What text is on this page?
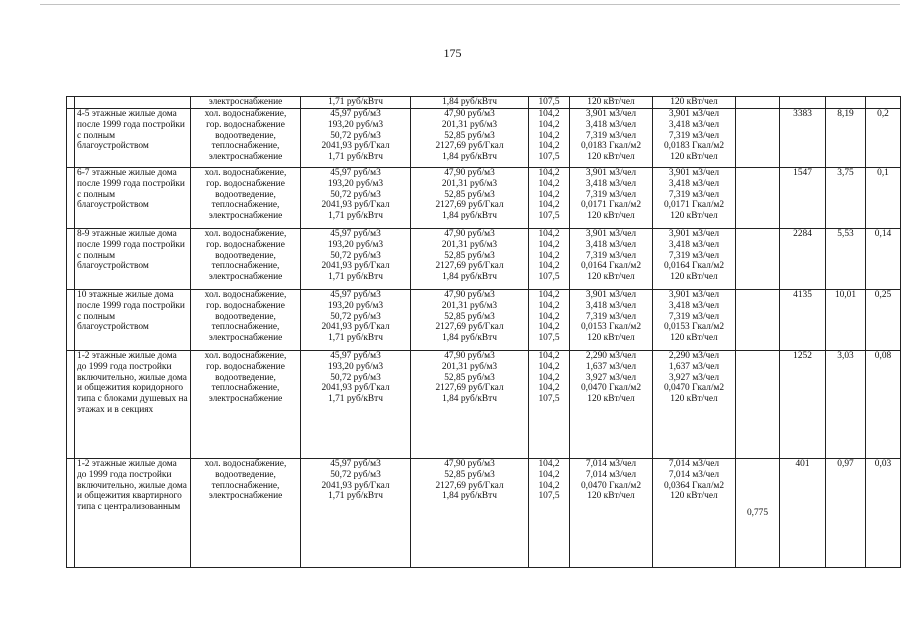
175
		электроснабжение	1,71 руб/кВтч	1,84 руб/кВтч	107,5	120 кВт/чел	120 кВт/чел				
	4-5 этажные жилые дома после 1999 года постройки с полным благоустройством	хол. водоснабжение,
гор. водоснабжение
водоотведение,
теплоснабжение,
электроснабжение	45,97 руб/м3
193,20 руб/м3
50,72 руб/м3
2041,93 руб/Гкал
1,71 руб/кВтч	47,90 руб/м3
201,31 руб/м3
52,85 руб/м3
2127,69 руб/Гкал
1,84 руб/кВтч	104,2
104,2
104,2
104,2
107,5	3,901 м3/чел
3,418 м3/чел
7,319 м3/чел
0,0183 Гкал/м2
120 кВт/чел	3,901 м3/чел
3,418 м3/чел
7,319 м3/чел
0,0183 Гкал/м2
120 кВт/чел		3383	8,19	0,2
	6-7 этажные жилые дома после 1999 года постройки с полным благоустройством	хол. водоснабжение,
гор. водоснабжение
водоотведение,
теплоснабжение,
электроснабжение	45,97 руб/м3
193,20 руб/м3
50,72 руб/м3
2041,93 руб/Гкал
1,71 руб/кВтч	47,90 руб/м3
201,31 руб/м3
52,85 руб/м3
2127,69 руб/Гкал
1,84 руб/кВтч	104,2
104,2
104,2
104,2
107,5	3,901 м3/чел
3,418 м3/чел
7,319 м3/чел
0,0171 Гкал/м2
120 кВт/чел	3,901 м3/чел
3,418 м3/чел
7,319 м3/чел
0,0171 Гкал/м2
120 кВт/чел		1547	3,75	0,1
	8-9 этажные жилые дома после 1999 года постройки с полным благоустройством	хол. водоснабжение,
гор. водоснабжение
водоотведение,
теплоснабжение,
электроснабжение	45,97 руб/м3
193,20 руб/м3
50,72 руб/м3
2041,93 руб/Гкал
1,71 руб/кВтч	47,90 руб/м3
201,31 руб/м3
52,85 руб/м3
2127,69 руб/Гкал
1,84 руб/кВтч	104,2
104,2
104,2
104,2
107,5	3,901 м3/чел
3,418 м3/чел
7,319 м3/чел
0,0164 Гкал/м2
120 кВт/чел	3,901 м3/чел
3,418 м3/чел
7,319 м3/чел
0,0164 Гкал/м2
120 кВт/чел		2284	5,53	0,14
	10 этажные жилые дома после 1999 года постройки с полным благоустройством	хол. водоснабжение,
гор. водоснабжение
водоотведение,
теплоснабжение,
электроснабжение	45,97 руб/м3
193,20 руб/м3
50,72 руб/м3
2041,93 руб/Гкал
1,71 руб/кВтч	47,90 руб/м3
201,31 руб/м3
52,85 руб/м3
2127,69 руб/Гкал
1,84 руб/кВтч	104,2
104,2
104,2
104,2
107,5	3,901 м3/чел
3,418 м3/чел
7,319 м3/чел
0,0153 Гкал/м2
120 кВт/чел	3,901 м3/чел
3,418 м3/чел
7,319 м3/чел
0,0153 Гкал/м2
120 кВт/чел		4135	10,01	0,25
	1-2 этажные жилые дома до 1999 года постройки включительно, жилые дома и общежития коридорного типа с блоками душевых на этажах и в секциях	хол. водоснабжение,
гор. водоснабжение
водоотведение,
теплоснабжение,
электроснабжение	45,97 руб/м3
193,20 руб/м3
50,72 руб/м3
2041,93 руб/Гкал
1,71 руб/кВтч	47,90 руб/м3
201,31 руб/м3
52,85 руб/м3
2127,69 руб/Гкал
1,84 руб/кВтч	104,2
104,2
104,2
104,2
107,5	2,290 м3/чел
1,637 м3/чел
3,927 м3/чел
0,0470 Гкал/м2
120 кВт/чел	2,290 м3/чел
1,637 м3/чел
3,927 м3/чел
0,0470 Гкал/м2
120 кВт/чел		1252	3,03	0,08
	1-2 этажные жилые дома до 1999 года постройки включительно, жилые дома и общежития квартирного типа с централизованным	хол. водоснабжение,
водоотведение,
теплоснабжение,
электроснабжение	45,97 руб/м3
50,72 руб/м3
2041,93 руб/Гкал
1,71 руб/кВтч	47,90 руб/м3
52,85 руб/м3
2127,69 руб/Гкал
1,84 руб/кВтч	104,2
104,2
104,2
107,5	7,014 м3/чел
7,014 м3/чел
0,0470 Гкал/м2
120 кВт/чел	7,014 м3/чел
7,014 м3/чел
0,0364 Гкал/м2
120 кВт/чел	0,775	401	0,97	0,03
